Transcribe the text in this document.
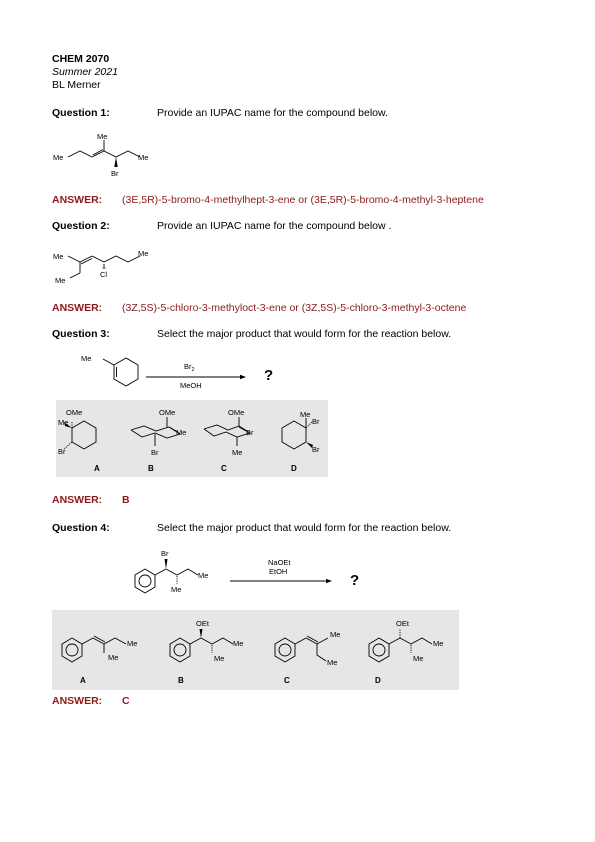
CHEM 2070
Summer 2021
BL Merner
Question 1:	Provide an IUPAC name for the compound below.
Me
Me
Me
Br
ANSWER: (3E,5R)-5-bromo-4-methylhept-3-ene or (3E,5R)-5-bromo-4-methyl-3-heptene
Question 2:	Provide an IUPAC name for the compound below .
Me	Me
Me
Cl
ANSWER: (3Z,5S)-5-chloro-3-methyloct-3-ene or (3Z,5S)-5-chloro-3-methyl-3-octene
Question 3:	Select the major product that would form for the reaction below.
Me
$Br_2$
MeOH
?
OMe
Me
Br
A
OMe
Me
Br
B
OMe
Br
Me
C
Me
Br
Br
D
ANSWER: B
Question 4:	Select the major product that would form for the reaction below.
Br
Me
Me
NaOEt
EtOH
?
Me
Me
A
OEt
Me
Me
B
Me
Me
C
OEt
Me
Me
D
ANSWER: C
